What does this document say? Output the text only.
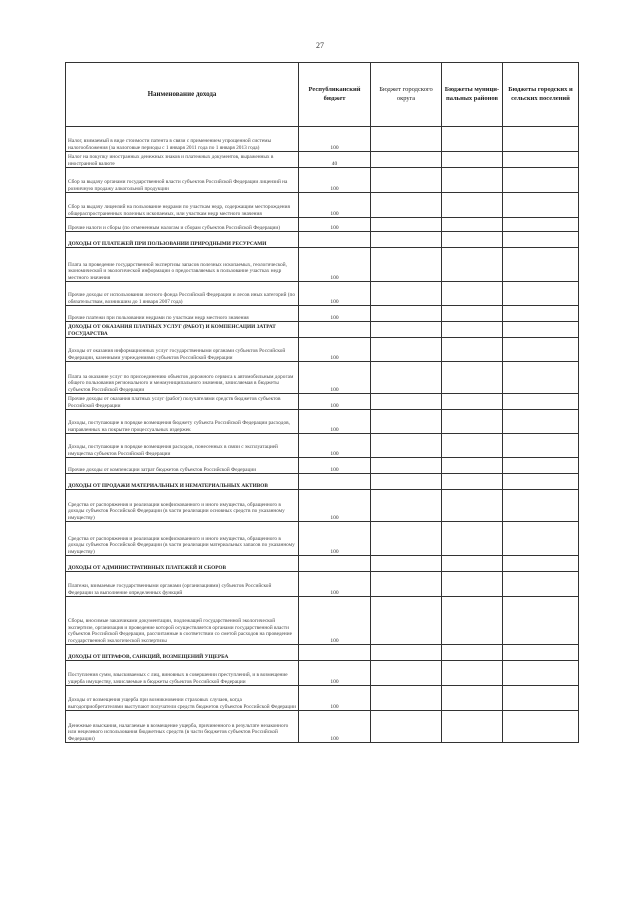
27
Наименование дохода	Республиканский бюджет	Бюджет городского округа	Бюджеты муници-пальных районов	Бюджеты городских и сельских поселений
Налог, взимаемый в виде стоимости патента в связи с применением упрощенной системы налогообложения (за налоговые периоды с 1 января 2011 года по 1 января 2013 года)	100			
Налог на покупку иностранных денежных знаков и платежных документов, выраженных в иностранной валюте	40			
Сбор за выдачу органами государственной власти субъектов Российской Федерации лицензий на розничную продажу алкогольной продукции	100			
Сбор за выдачу лицензий на пользование недрами по участкам недр, содержащим месторождения общераспространенных полезных ископаемых, или участкам недр местного значения	100			
Прочие налоги и сборы (по отмененным налогам и сборам субъектов Российской Федерации)	100			
ДОХОДЫ ОТ ПЛАТЕЖЕЙ ПРИ ПОЛЬЗОВАНИИ ПРИРОДНЫМИ РЕСУРСАМИ				
Плата за проведение государственной экспертизы запасов полезных ископаемых, геологической, экономической и экологической информации о предоставляемых в пользование участках недр местного значения	100			
Прочие доходы от использования лесного фонда Российской Федерации и лесов иных категорий (по обязательствам, возникшим до 1 января 2007 года)	100			
Прочие платежи при пользовании недрами по участкам недр местного значения	100			
ДОХОДЫ ОТ ОКАЗАНИЯ ПЛАТНЫХ УСЛУГ (РАБОТ) И КОМПЕНСАЦИИ ЗАТРАТ ГОСУДАРСТВА				
Доходы от оказания информационных услуг государственными органами субъектов Российской Федерации, казенными учреждениями субъектов Российской Федерации	100			
Плата за оказание услуг по присоединению объектов дорожного сервиса к автомобильным дорогам общего пользования регионального и межмуниципального значения, зачисляемая в бюджеты субъектов Российской Федерации	100			
Прочие доходы от оказания платных услуг (работ) получателями средств бюджетов субъектов Российской Федерации	100			
Доходы, поступающие в порядке возмещения бюджету субъекта Российской Федерации расходов, направленных на покрытие процессуальных издержек	100			
Доходы, поступающие в порядке возмещения расходов, понесенных в связи с эксплуатацией имущества субъектов Российской Федерации	100			
Прочие доходы от компенсации затрат бюджетов субъектов Российской Федерации	100			
ДОХОДЫ ОТ ПРОДАЖИ МАТЕРИАЛЬНЫХ И НЕМАТЕРИАЛЬНЫХ АКТИВОВ				
Средства от распоряжения и реализации конфискованного и иного имущества, обращенного в доходы субъектов Российской Федерации (в части реализации основных средств по указанному имуществу)	100			
Средства от распоряжения и реализации конфискованного и иного имущества, обращенного в доходы субъектов Российской Федерации (в части реализации материальных запасов по указанному имуществу)	100			
ДОХОДЫ ОТ АДМИНИСТРАТИВНЫХ ПЛАТЕЖЕЙ И СБОРОВ				
Платежи, взимаемые государственными органами (организациями) субъектов Российской Федерации за выполнение определенных функций	100			
Сборы, вносимые заказчиками документации, подлежащей государственной экологической экспертизе, организация и проведение которой осуществляется органами государственной власти субъектов Российской Федерации, рассчитанные в соответствии со сметой расходов на проведение государственной экологической экспертизы	100			
ДОХОДЫ ОТ ШТРАФОВ, САНКЦИЙ, ВОЗМЕЩЕНИЙ УЩЕРБА				
Поступления сумм, взыскиваемых с лиц, виновных в совершении преступлений, и в возмещение ущерба имуществу, зачисляемые в бюджеты субъектов Российской Федерации	100			
Доходы от возмещения ущерба при возникновении страховых случаев, когда выгодоприобретателями выступают получатели средств бюджетов субъектов Российской Федерации	100			
Денежные взыскания, налагаемые в возмещение ущерба, причиненного в результате незаконного или нецелевого использования бюджетных средств (в части бюджетов субъектов Российской Федерации)	100			
